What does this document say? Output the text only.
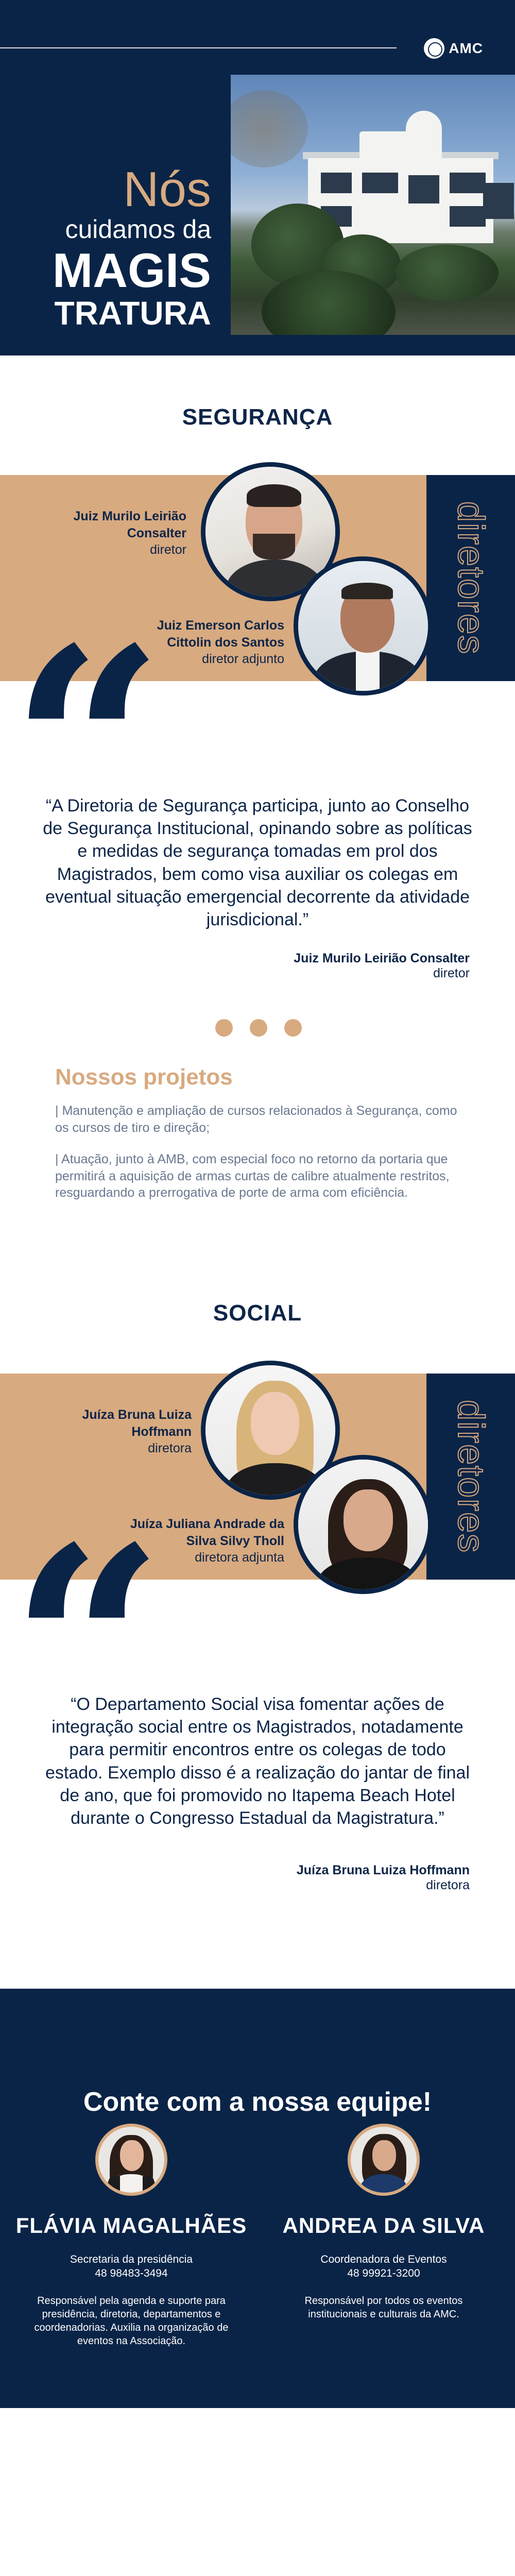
AMC
Nós
cuidamos da
MAGIS
TRATURA
SEGURANÇA
diretores
Juiz Murilo Leirião Consalter
diretor
Juiz Emerson Carlos Cittolin dos Santos
diretor adjunto
“

“A Diretoria de Segurança participa, junto ao Conselho de Segurança Institucional, opinando sobre as políticas e medidas de segurança tomadas em prol dos Magistrados, bem como visa auxiliar os colegas em eventual situação emergencial decorrente da atividade jurisdicional.”

Juiz Murilo Leirião Consalter
diretor
Nossos projetos

| Manutenção e ampliação de cursos relacionados à Segurança, como os cursos de tiro e direção;

| Atuação, junto à AMB, com especial foco no retorno da portaria que permitirá a aquisição de armas curtas de calibre atualmente restritos, resguardando a prerrogativa de porte de arma com eficiência.

SOCIAL
diretores
Juíza Bruna Luiza Hoffmann
diretora
Juíza Juliana Andrade da Silva Silvy Tholl
diretora adjunta
“

“O Departamento Social visa fomentar ações de integração social entre os Magistrados, notadamente para permitir encontros entre os colegas de todo estado. Exemplo disso é a realização do jantar de final de ano, que foi promovido no Itapema Beach Hotel durante o Congresso Estadual da Magistratura.”

Juíza Bruna Luiza Hoffmann
diretora
Conte com a nossa equipe!
FLÁVIA MAGALHÃES
Secretaria da presidência
48 98483-3494
Responsável pela agenda e suporte para presidência, diretoria, departamentos e coordenadorias. Auxilia na organização de eventos na Associação.
ANDREA DA SILVA
Coordenadora de Eventos
48 99921-3200
Responsável por todos os eventos institucionais e culturais da AMC.
